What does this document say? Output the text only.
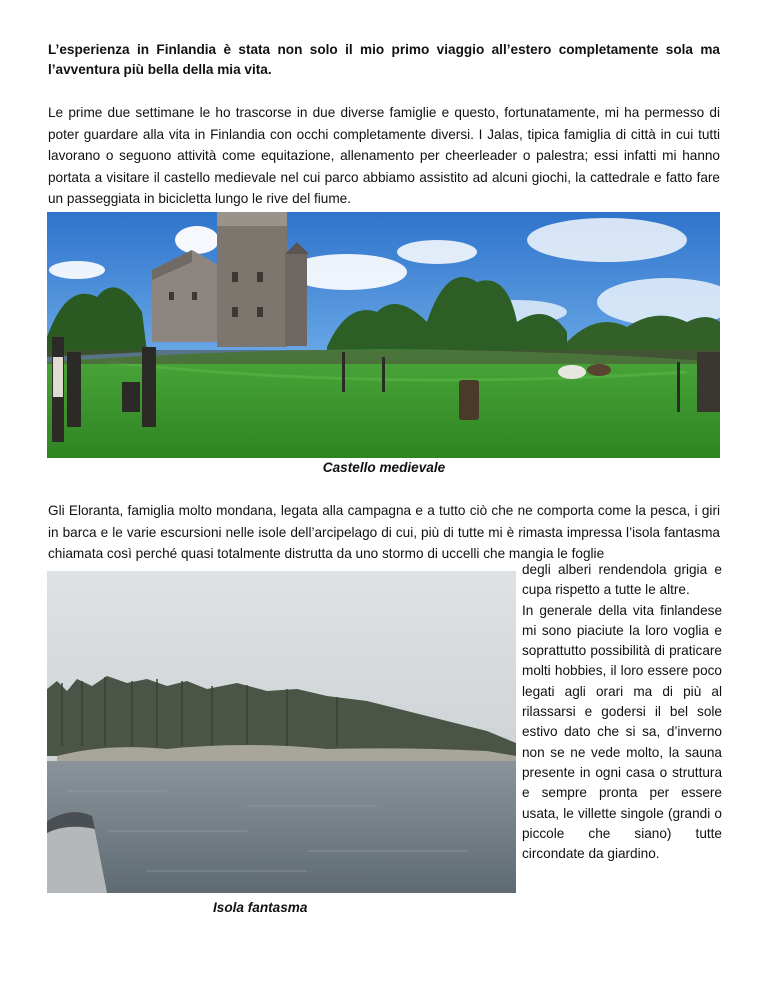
L’esperienza in Finlandia è stata non solo il mio primo viaggio all’estero completamente sola ma l’avventura più bella della mia vita.

Le prime due settimane le ho trascorse in due diverse famiglie e questo, fortunatamente, mi ha permesso di poter guardare alla vita in Finlandia con occhi completamente diversi. I Jalas, tipica famiglia di città in cui tutti lavorano o seguono attività come equitazione, allenamento per cheerleader o palestra; essi infatti mi hanno portata a visitare il castello medievale nel cui parco abbiamo assistito ad alcuni giochi, la cattedrale e fatto fare un passeggiata in bicicletta lungo le rive del fiume.

Castello medievale

Gli Eloranta, famiglia molto mondana, legata alla campagna e a tutto ciò che ne comporta come la pesca, i giri in barca e le varie escursioni nelle isole dell’arcipelago di cui, più di tutte mi è rimasta impressa l’isola fantasma chiamata così perché quasi totalmente distrutta da uno stormo di uccelli che mangia le foglie

degli alberi rendendola grigia e cupa rispetto a tutte le altre.
In generale della vita finlandese mi sono piaciute la loro voglia e soprattutto possibilità di praticare molti hobbies, il loro essere poco legati agli orari ma di più al rilassarsi e godersi il bel sole estivo dato che si sa, d’inverno non se ne vede molto, la sauna presente in ogni casa o struttura e sempre pronta per essere usata, le villette singole (grandi o piccole che siano) tutte circondate da giardino.

Isola fantasma
